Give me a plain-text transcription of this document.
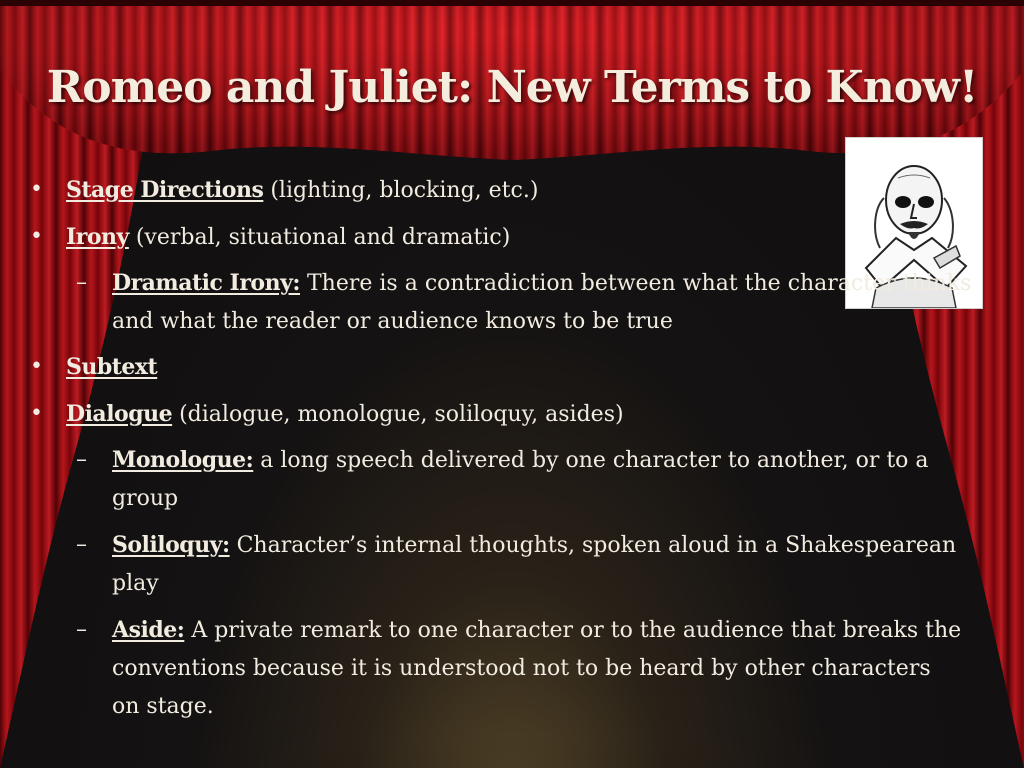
Romeo and Juliet: New Terms to Know!
• Stage Directions (lighting, blocking, etc.)
• Irony (verbal, situational and dramatic)
– Dramatic Irony: There is a contradiction between what the character thinks and what the reader or audience knows to be true
• Subtext
• Dialogue (dialogue, monologue, soliloquy, asides)
– Monologue: a long speech delivered by one character to another, or to a group
– Soliloquy: Character’s internal thoughts, spoken aloud in a Shakespearean play
– Aside: A private remark to one character or to the audience that breaks the conventions because it is understood not to be heard by other characters on stage.
